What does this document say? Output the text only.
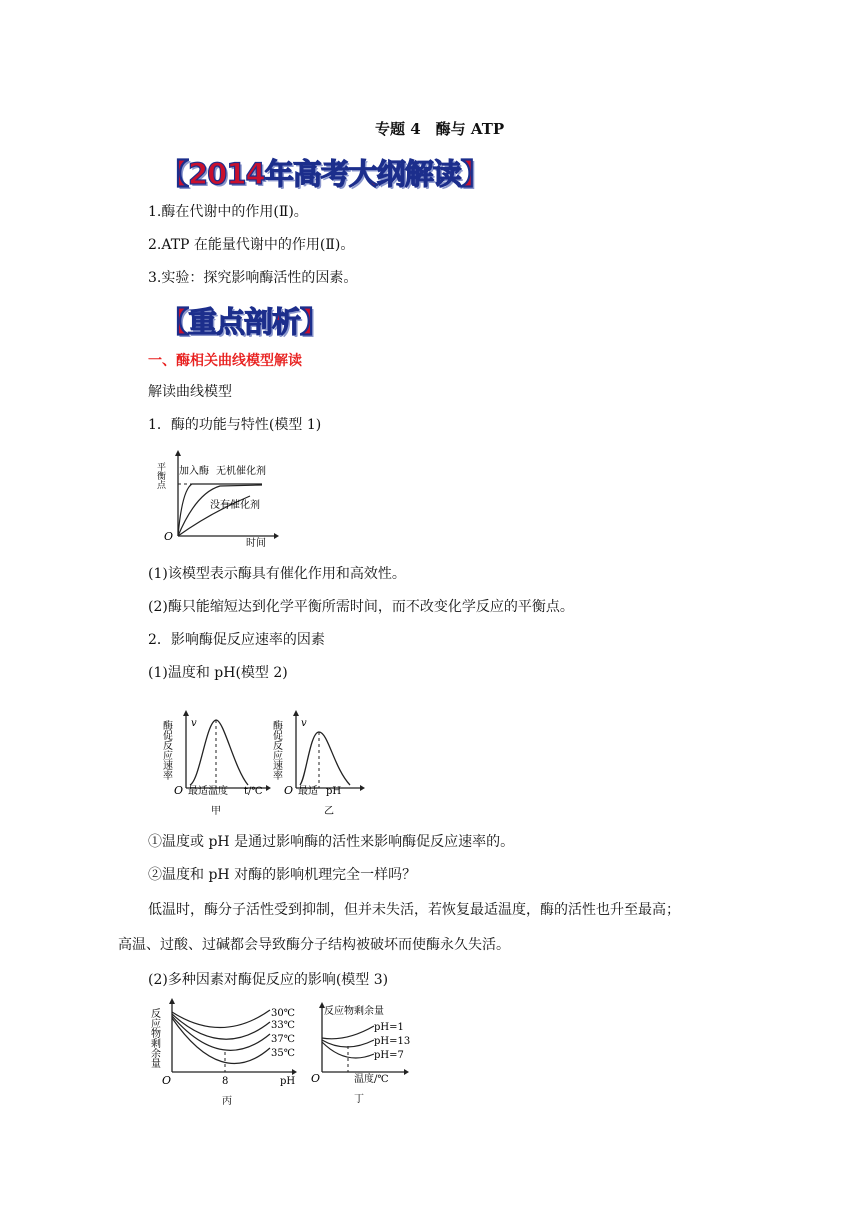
专题 4　酶与 ATP
【2014年高考大纲解读】
1.酶在代谢中的作用(Ⅱ)。
2.ATP 在能量代谢中的作用(Ⅱ)。
3.实验：探究影响酶活性的因素。
【重点剖析】
一、酶相关曲线模型解读
解读曲线模型
1．酶的功能与特性(模型 1)
平衡点 加入酶 无机催化剂
没有催化剂
O
时间
(1)该模型表示酶具有催化作用和高效性。
(2)酶只能缩短达到化学平衡所需时间，而不改变化学反应的平衡点。
2．影响酶促反应速率的因素
(1)温度和 pH(模型 2)
酶促反应速率 v
O 最适温度 t/℃
甲
酶促反应速率 v
O 最适 pH
乙
①温度或 pH 是通过影响酶的活性来影响酶促反应速率的。
②温度和 pH 对酶的影响机理完全一样吗？
低温时，酶分子活性受到抑制，但并未失活，若恢复最适温度，酶的活性也升至最高；
高温、过酸、过碱都会导致酶分子结构被破坏而使酶永久失活。
(2)多种因素对酶促反应的影响(模型 3)
反应物剩余量	30℃
33℃
37℃
35℃
O	8	pH
丙
反应物剩余量
pH=1
pH=13
pH=7
O	温度/℃
丁
